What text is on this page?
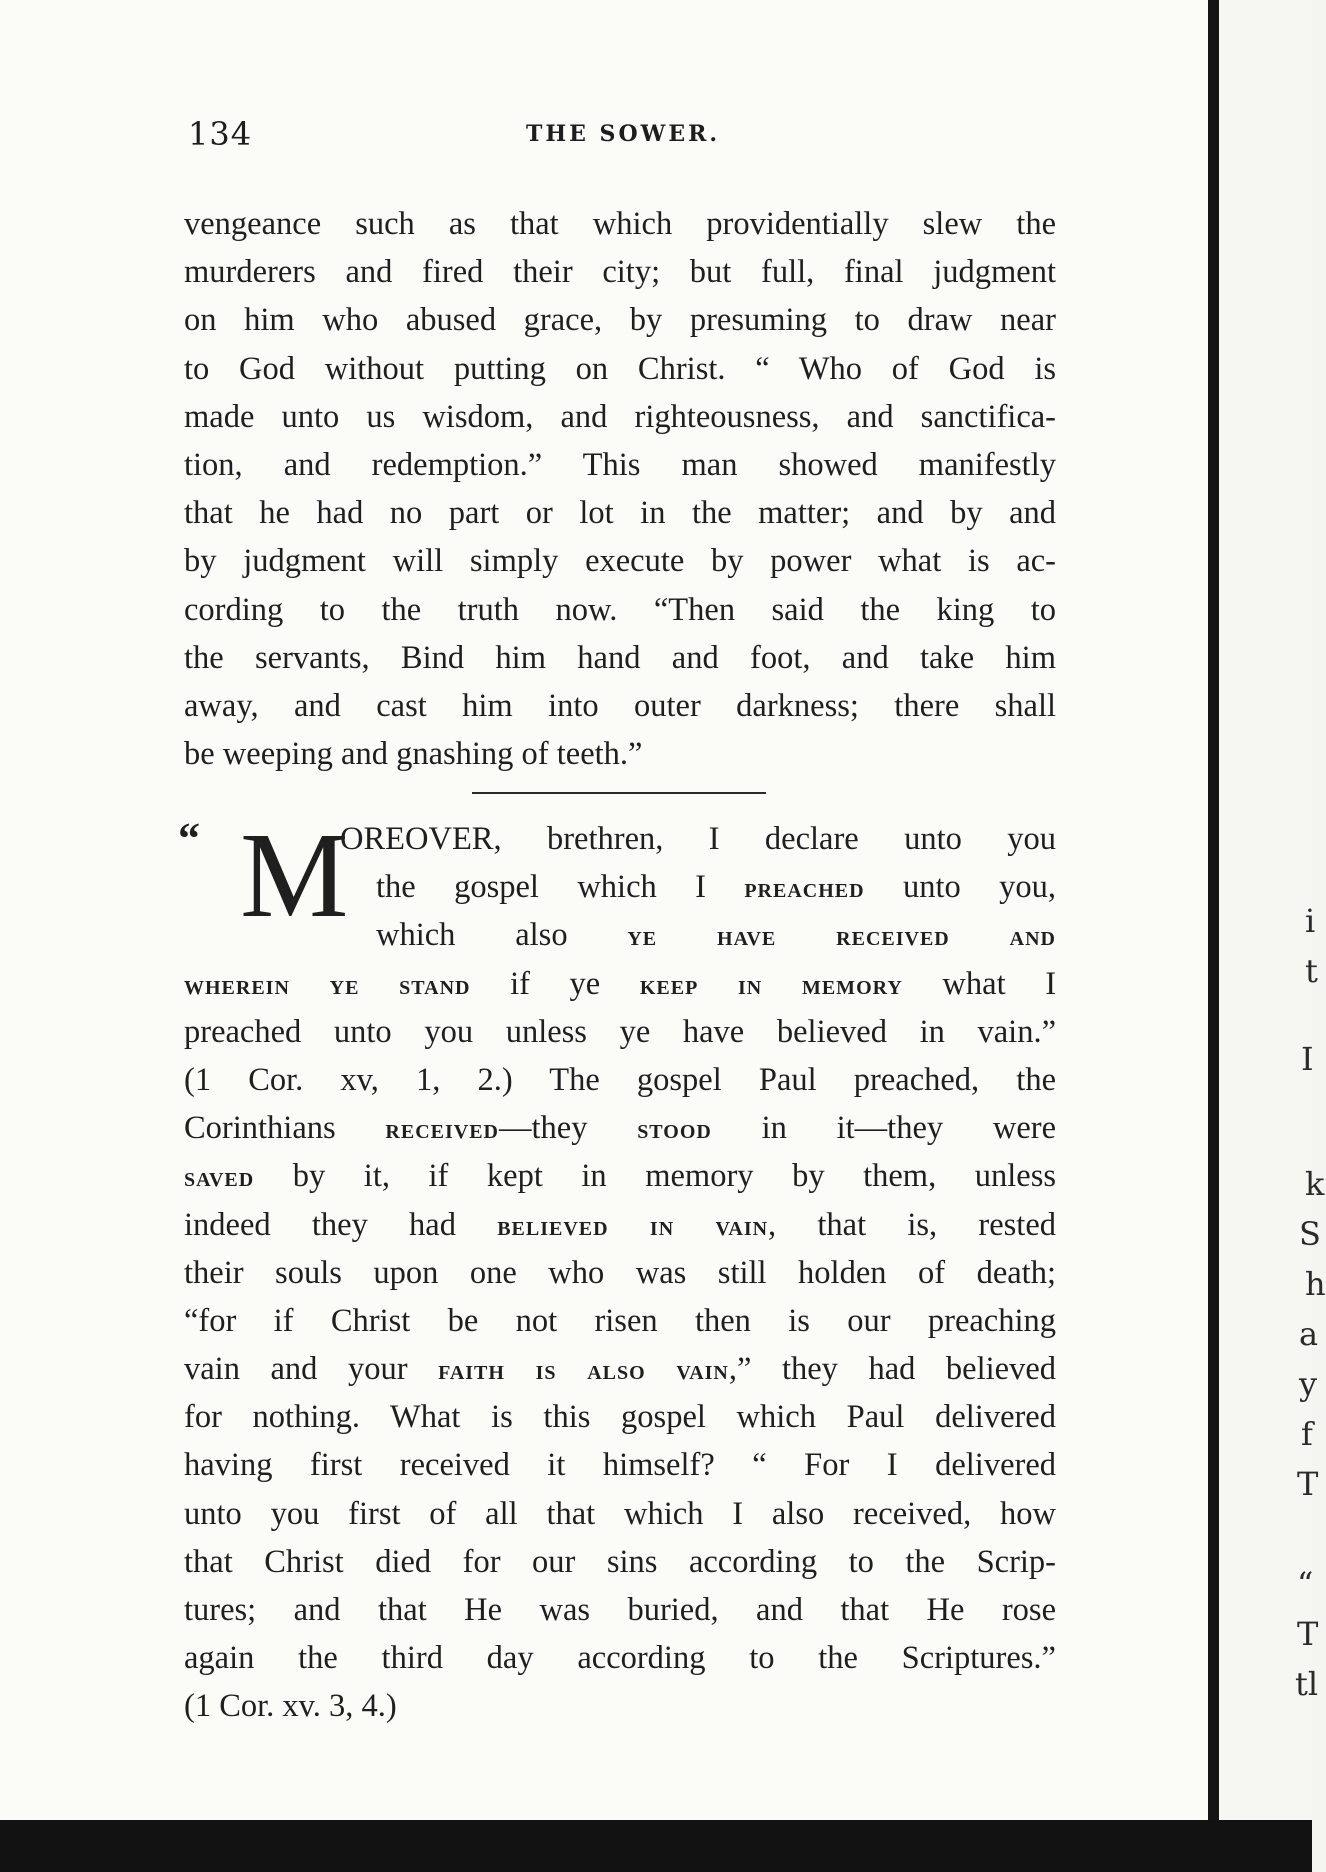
134	THE SOWER.
vengeance such as that which providentially slew the
murderers and fired their city; but full, final judgment
on him who abused grace, by presuming to draw near
to God without putting on Christ. “ Who of God is
made unto us wisdom, and righteousness, and sanctifica-
tion, and redemption.” This man showed manifestly
that he had no part or lot in the matter; and by and
by judgment will simply execute by power what is ac-
cording to the truth now. “Then said the king to
the servants, Bind him hand and foot, and take him
away, and cast him into outer darkness; there shall
be weeping and gnashing of teeth.”
“ M
OREOVER, brethren, I declare unto you
the gospel which I preached unto you,
which also ye have received and
wherein ye stand if ye keep in memory what I
preached unto you unless ye have believed in vain.”
(1 Cor. xv, 1, 2.) The gospel Paul preached, the
Corinthians received—they stood in it—they were
saved by it, if kept in memory by them, unless
indeed they had believed in vain, that is, rested
their souls upon one who was still holden of death;
“for if Christ be not risen then is our preaching
vain and your faith is also vain,” they had believed
for nothing. What is this gospel which Paul delivered
having first received it himself? “ For I delivered
unto you first of all that which I also received, how
that Christ died for our sins according to the Scrip-
tures; and that He was buried, and that He rose
again the third day according to the Scriptures.”
(1 Cor. xv. 3, 4.)
i
t
I
k
S
h
a
y
f
T
“
T
tl
